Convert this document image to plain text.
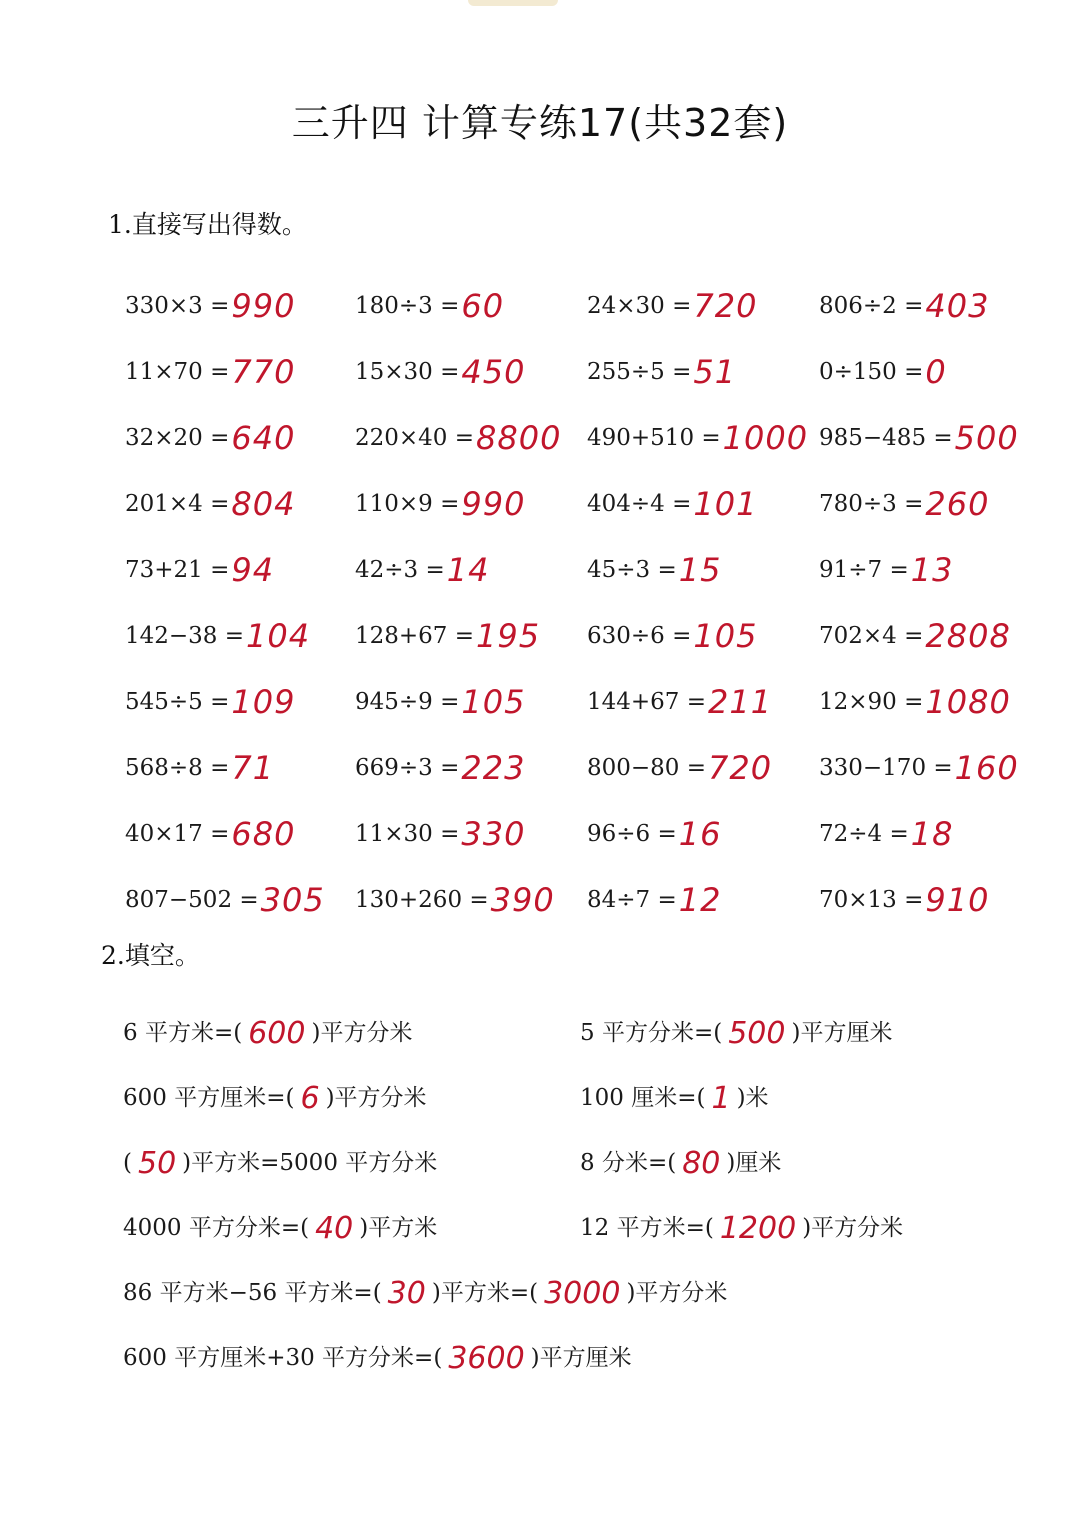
三升四 计算专练17(共32套)
1.直接写出得数。
330×3 = 990	180÷3 = 60	24×30 = 720	806÷2 = 403
11×70 = 770	15×30 = 450	255÷5 = 51	0÷150 = 0
32×20 = 640	220×40 = 8800 490+510 = 1000 985−485 = 500
201×4 = 804	110×9 = 990	404÷4 = 101	780÷3 = 260
73+21 = 94	42÷3 = 14	45÷3 = 15	91÷7 = 13
142−38 = 104 128+67 = 195 630÷6 = 105	702×4 = 2808
545÷5 = 109	945÷9 = 105	144+67 = 211 12×90 = 1080
568÷8 = 71	669÷3 = 223	800−80 = 720 330−170 = 160
40×17 = 680	11×30 = 330	96÷6 = 16	72÷4 = 18
807−502 = 305 130+260 = 390 84÷7 = 12	70×13 = 910
2.填空。
6 平方米=( 600 )平方分米	5 平方分米=( 500 )平方厘米
600 平方厘米=( 6 )平方分米	100 厘米=( 1 )米
( 50 )平方米=5000 平方分米	8 分米=( 80 )厘米
4000 平方分米=( 40 )平方米	12 平方米=( 1200 )平方分米
86 平方米−56 平方米=( 30 )平方米=( 3000 )平方分米
600 平方厘米+30 平方分米=( 3600 )平方厘米
